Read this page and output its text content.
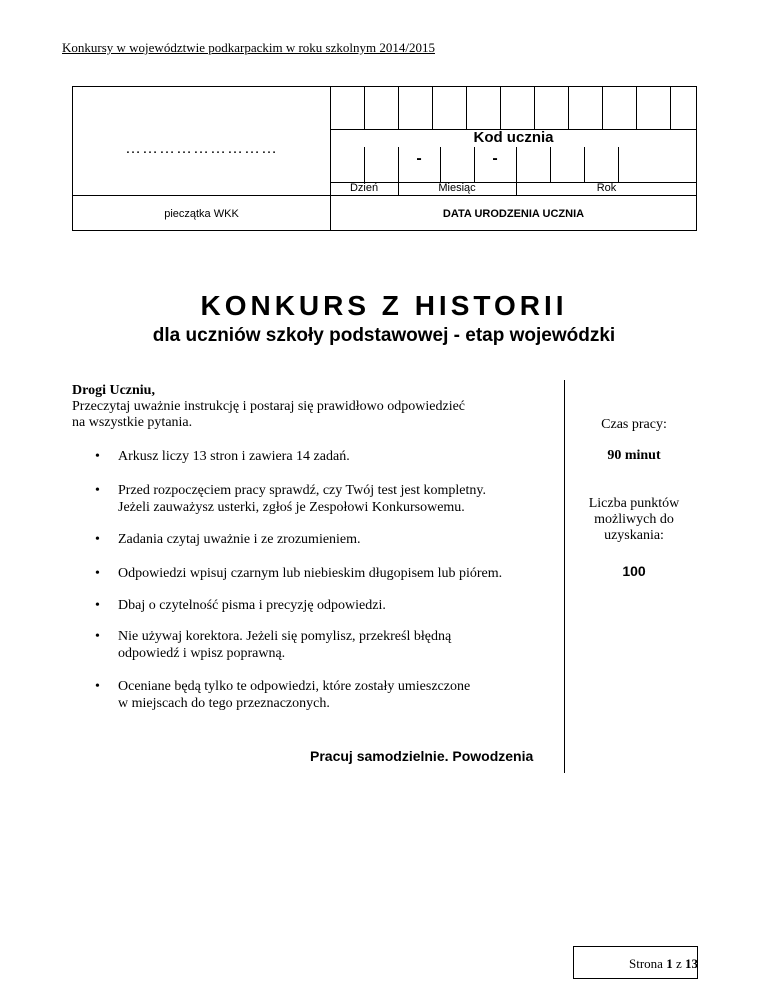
Konkursy w województwie podkarpackim w roku szkolnym 2014/2015
………………………
Kod ucznia
-	-
Dzień	Miesiąc	Rok
pieczątka WKK	DATA URODZENIA UCZNIA
KONKURS Z HISTORII
dla uczniów szkoły podstawowej - etap wojewódzki
Drogi Uczniu,
Przeczytaj uważnie instrukcję i postaraj się prawidłowo odpowiedzieć na wszystkie pytania.
• Arkusz liczy 13 stron i zawiera 14 zadań.
• Przed rozpoczęciem pracy sprawdź, czy Twój test jest kompletny.
Jeżeli zauważysz usterki, zgłoś je Zespołowi Konkursowemu.
• Zadania czytaj uważnie i ze zrozumieniem.
• Odpowiedzi wpisuj czarnym lub niebieskim długopisem lub piórem.
• Dbaj o czytelność pisma i precyzję odpowiedzi.
• Nie używaj korektora. Jeżeli się pomylisz, przekreśl błędną
odpowiedź i wpisz poprawną.
• Oceniane będą tylko te odpowiedzi, które zostały umieszczone
w miejscach do tego przeznaczonych.
Pracuj samodzielnie. Powodzenia
Czas pracy:
90 minut
Liczba punktów
możliwych do
uzyskania:
100
Strona 1 z 13
